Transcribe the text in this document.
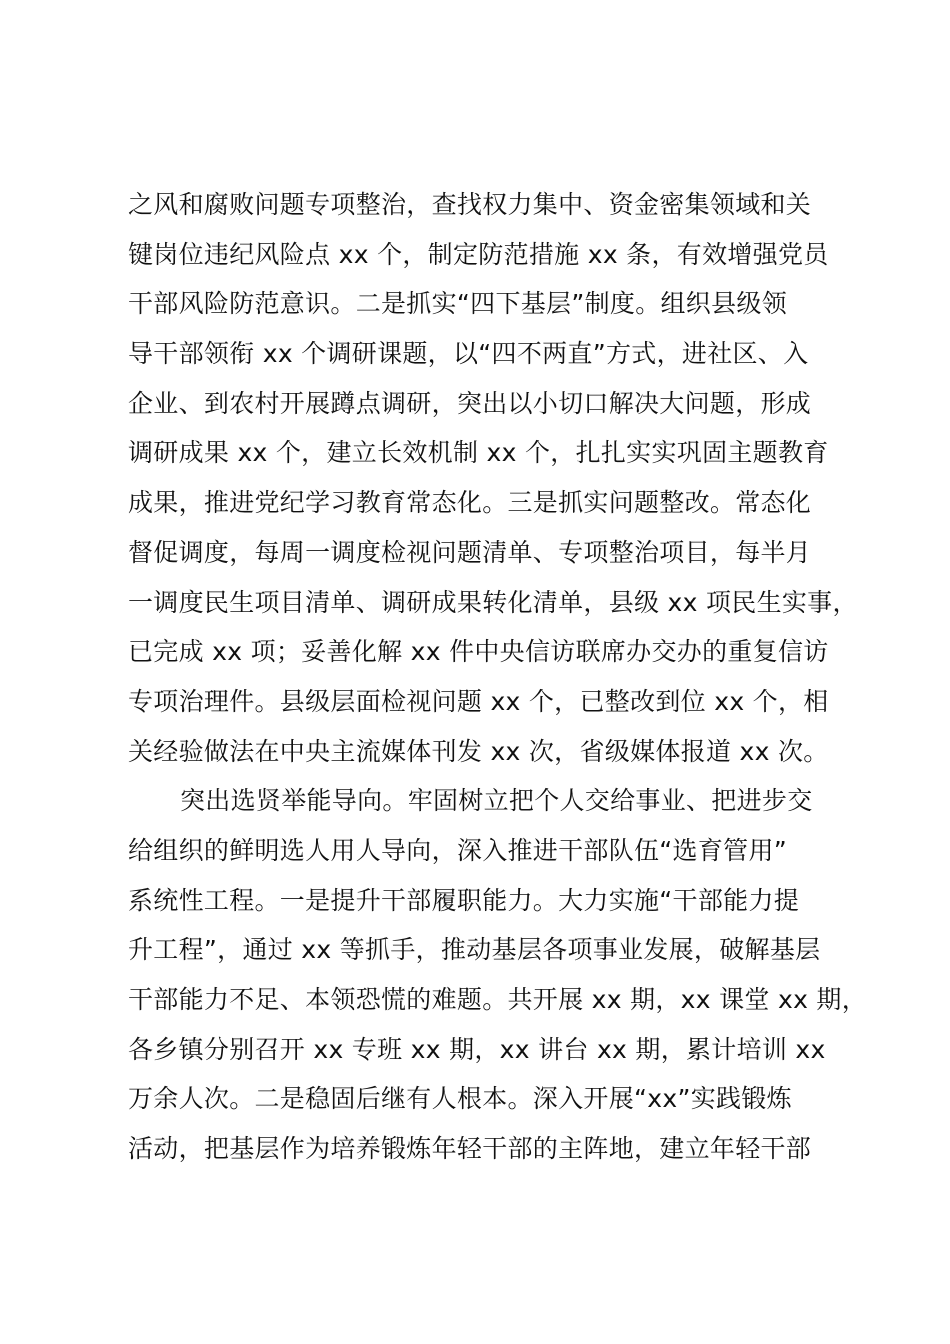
之风和腐败问题专项整治，查找权力集中、资金密集领域和关
键岗位违纪风险点 xx 个，制定防范措施 xx 条，有效增强党员
干部风险防范意识。二是抓实“四下基层”制度。组织县级领
导干部领衔 xx 个调研课题，以“四不两直”方式，进社区、入
企业、到农村开展蹲点调研，突出以小切口解决大问题，形成
调研成果 xx 个，建立长效机制 xx 个，扎扎实实巩固主题教育
成果，推进党纪学习教育常态化。三是抓实问题整改。常态化
督促调度，每周一调度检视问题清单、专项整治项目，每半月
一调度民生项目清单、调研成果转化清单，县级 xx 项民生实事，
已完成 xx 项；妥善化解 xx 件中央信访联席办交办的重复信访
专项治理件。县级层面检视问题 xx 个，已整改到位 xx 个，相
关经验做法在中央主流媒体刊发 xx 次，省级媒体报道 xx 次。
突出选贤举能导向。牢固树立把个人交给事业、把进步交
给组织的鲜明选人用人导向，深入推进干部队伍“选育管用”
系统性工程。一是提升干部履职能力。大力实施“干部能力提
升工程”，通过 xx 等抓手，推动基层各项事业发展，破解基层
干部能力不足、本领恐慌的难题。共开展 xx 期，xx 课堂 xx 期，
各乡镇分别召开 xx 专班 xx 期，xx 讲台 xx 期，累计培训 xx
万余人次。二是稳固后继有人根本。深入开展“xx”实践锻炼
活动，把基层作为培养锻炼年轻干部的主阵地，建立年轻干部
